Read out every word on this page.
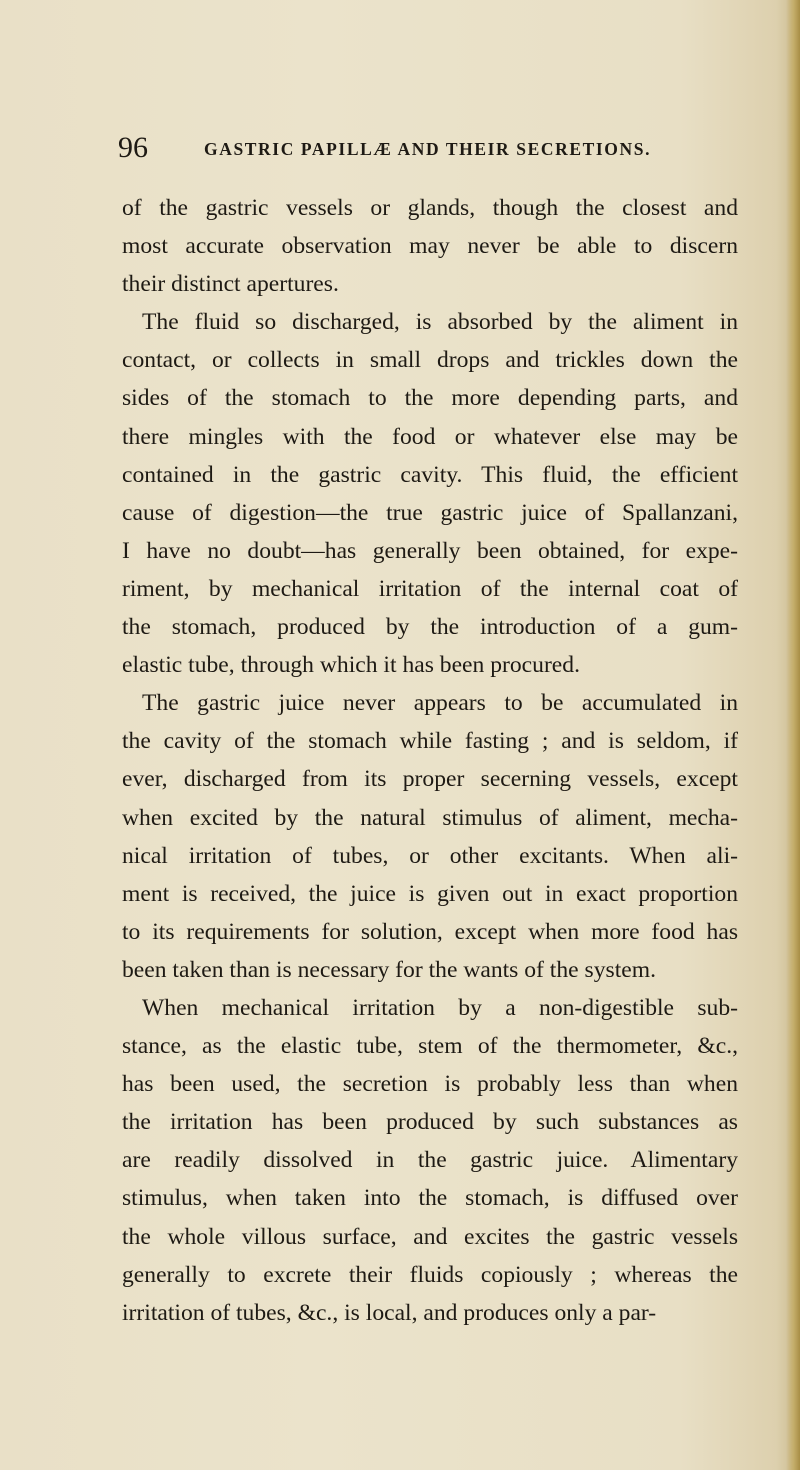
96	GASTRIC PAPILLÆ AND THEIR SECRETIONS.
of the gastric vessels or glands, though the closest and
most accurate observation may never be able to discern
their distinct apertures.
The fluid so discharged, is absorbed by the aliment in
contact, or collects in small drops and trickles down the
sides of the stomach to the more depending parts, and
there mingles with the food or whatever else may be
contained in the gastric cavity. This fluid, the efficient
cause of digestion—the true gastric juice of Spallanzani,
I have no doubt—has generally been obtained, for expe-
riment, by mechanical irritation of the internal coat of
the stomach, produced by the introduction of a gum-
elastic tube, through which it has been procured.
The gastric juice never appears to be accumulated in
the cavity of the stomach while fasting ; and is seldom, if
ever, discharged from its proper secerning vessels, except
when excited by the natural stimulus of aliment, mecha-
nical irritation of tubes, or other excitants. When ali-
ment is received, the juice is given out in exact proportion
to its requirements for solution, except when more food has
been taken than is necessary for the wants of the system.
When mechanical irritation by a non-digestible sub-
stance, as the elastic tube, stem of the thermometer, &c.,
has been used, the secretion is probably less than when
the irritation has been produced by such substances as
are readily dissolved in the gastric juice. Alimentary
stimulus, when taken into the stomach, is diffused over
the whole villous surface, and excites the gastric vessels
generally to excrete their fluids copiously ; whereas the
irritation of tubes, &c., is local, and produces only a par-
